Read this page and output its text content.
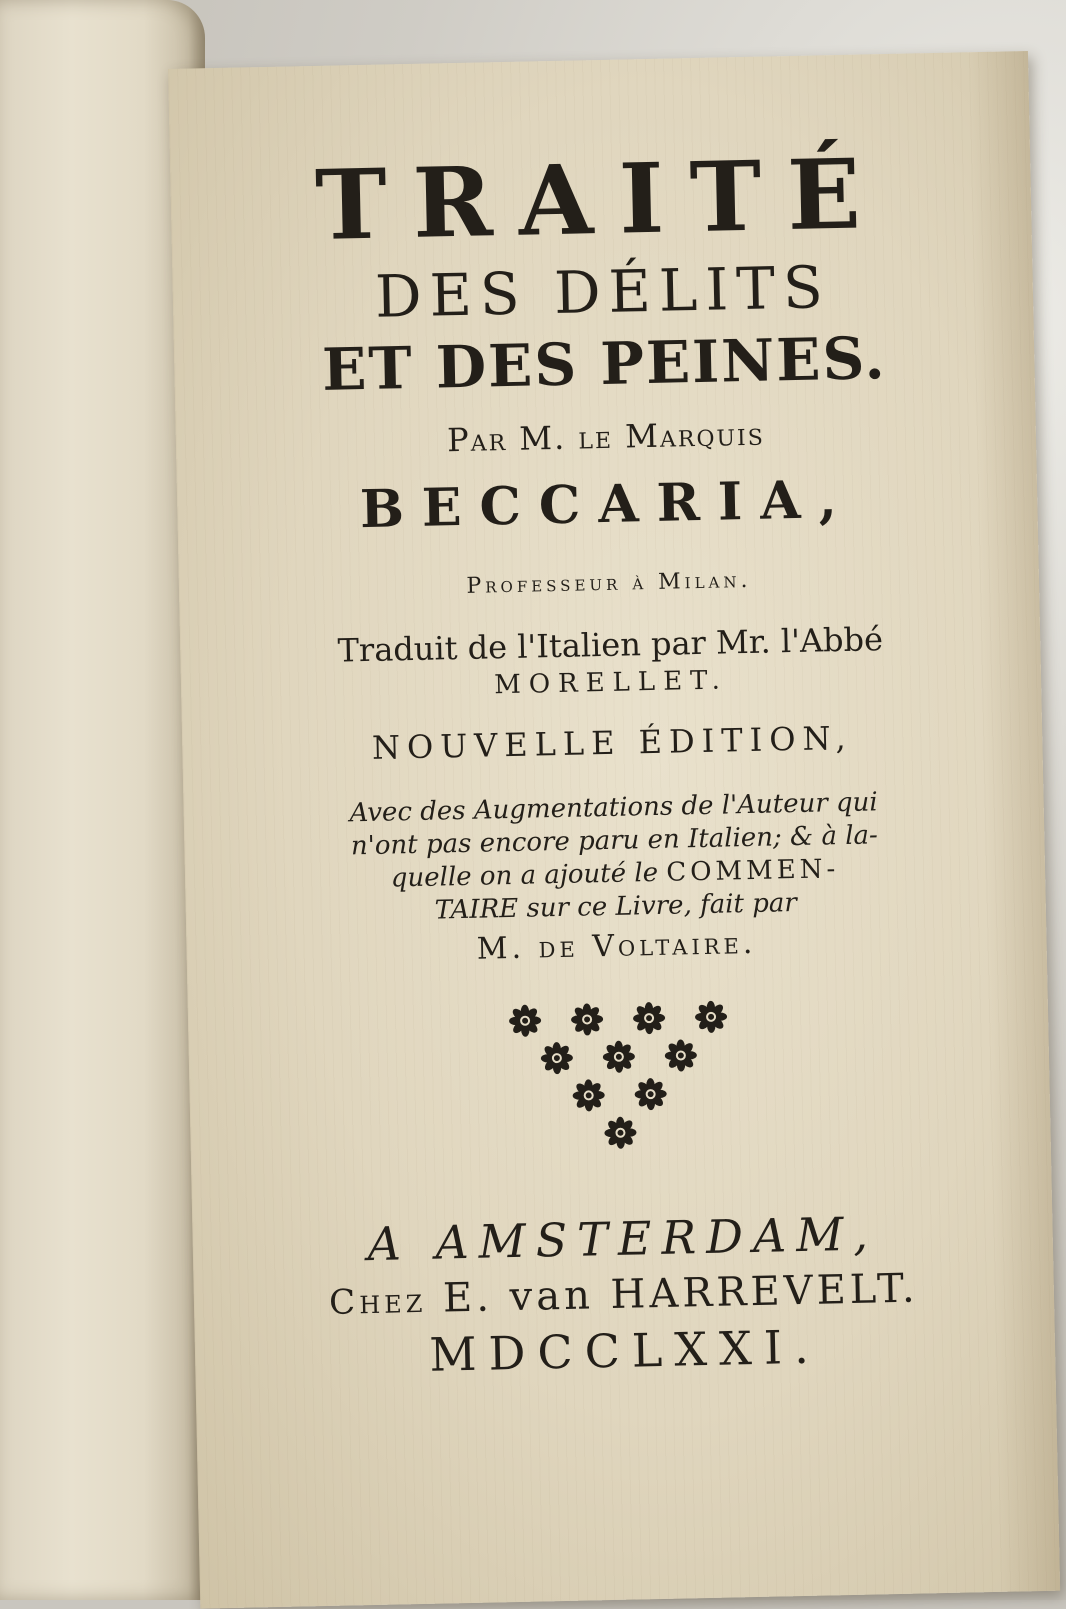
TRAITÉ
DES DÉLITS
ET DES PEINES.
Par M. le Marquis
BECCARIA,
Professeur à Milan.
Traduit de l'Italien par Mr. l'Abbé
MORELLET.
NOUVELLE ÉDITION,
Avec des Augmentations de l'Auteur qui
n'ont pas encore paru en Italien; & à la-
quelle on a ajouté le COMMEN-
TAIRE sur ce Livre, fait par
M. de Voltaire.
A AMSTERDAM,
Chez E. van HARREVELT.
MDCCLXXI.
